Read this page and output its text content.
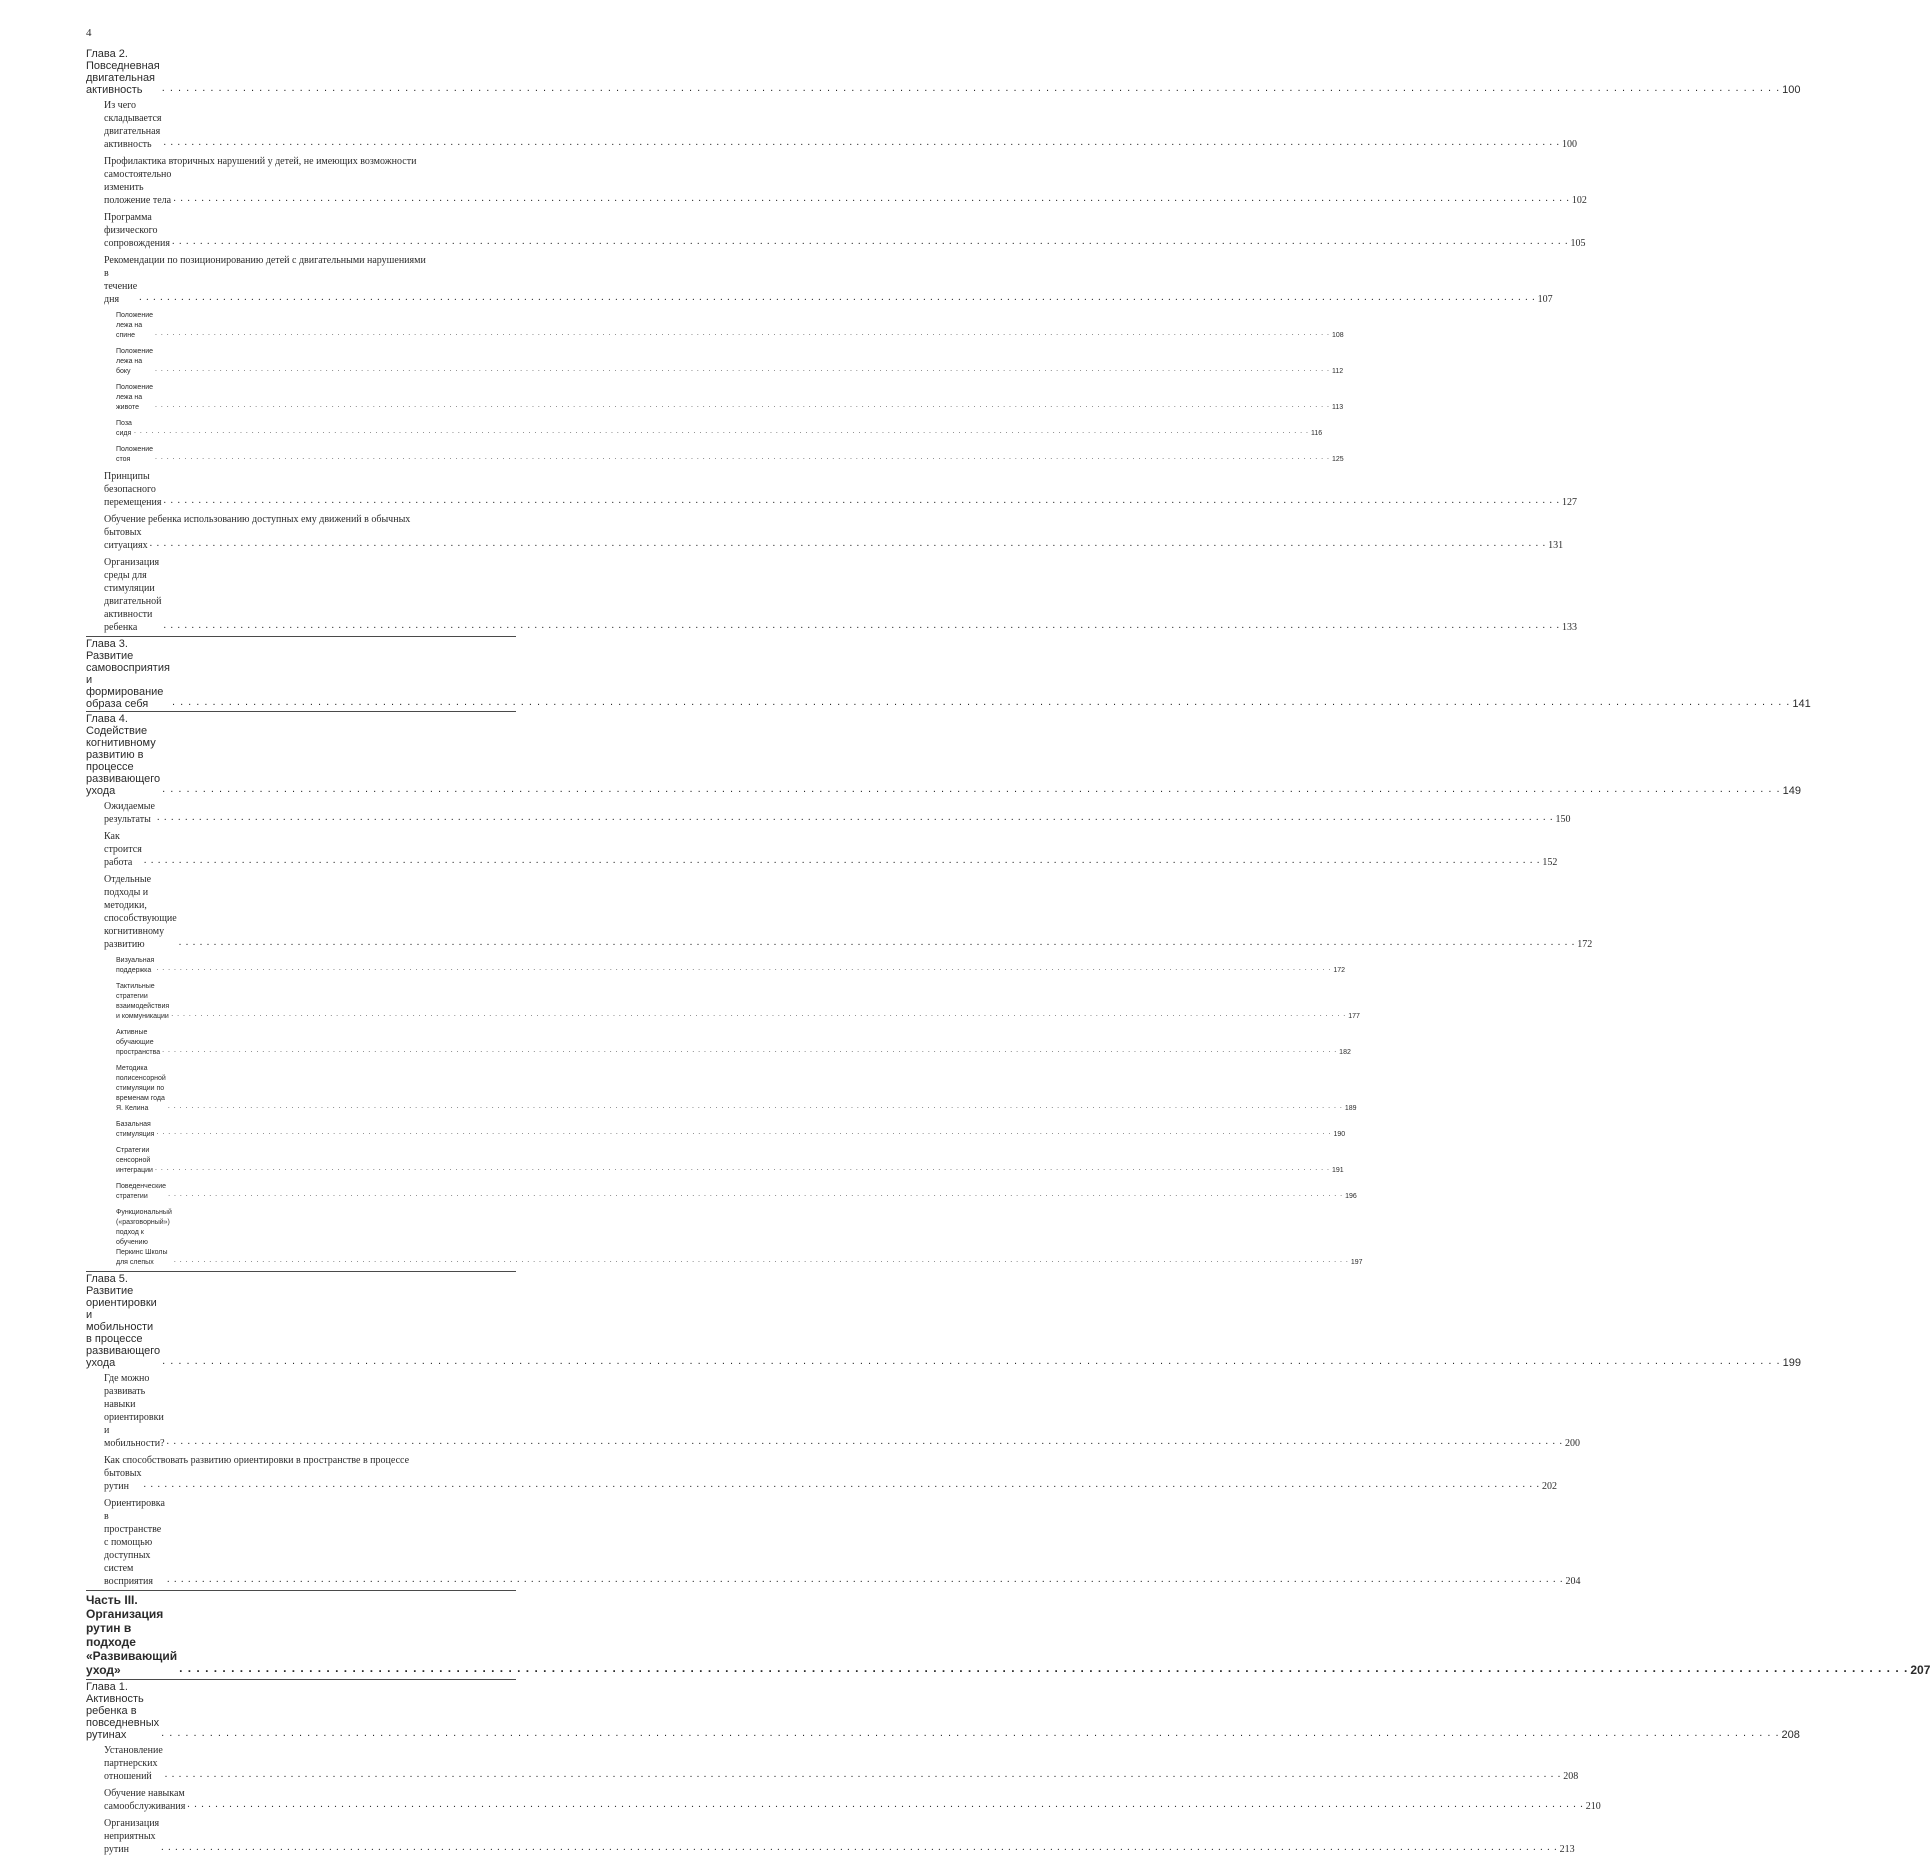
4
Глава 2. Повседневная двигательная активность	. . . . . . . . . . . . . . . . . . . . . . . . . . . . . . . . . . . . . . . . . . . . . . . . . . . . . . . . . . . . . . . . . . . . . . . . . . . . . . . . . . . . . . . . . . . . . . . . . . . . . . . . . . . . . . . . . . . . . . . . . . . . . . . . . . . . . . . . . . . . . . . . . . . . . . . . . . . . . . . . . . . . . . . . . . . . . . . . . . . . . . . . . . . . . . . . . . . . . . . . 100
Из чего складывается двигательная активность	. . . . . . . . . . . . . . . . . . . . . . . . . . . . . . . . . . . . . . . . . . . . . . . . . . . . . . . . . . . . . . . . . . . . . . . . . . . . . . . . . . . . . . . . . . . . . . . . . . . . . . . . . . . . . . . . . . . . . . . . . . . . . . . . . . . . . . . . . . . . . . . . . . . . . . . . . . . . . . . . . . . . . . . . . . . . . . . . . . . . . . . . . . . . . . . . . . . . . . . . 100
Профилактика вторичных нарушений у детей, не имеющих возможности
самостоятельно изменить положение тела . . . . . . . . . . . . . . . . . . . . . . . . . . . . . . . . . . . . . . . . . . . . . . . . . . . . . . . . . . . . . . . . . . . . . . . . . . . . . . . . . . . . . . . . . . . . . . . . . . . . . . . . . . . . . . . . . . . . . . . . . . . . . . . . . . . . . . . . . . . . . . . . . . . . . . . . . . . . . . . . . . . . . . . . . . . . . . . . . . . . . . . . . . . . . . . . . . . . . . . . 102
Программа физического сопровождения . . . . . . . . . . . . . . . . . . . . . . . . . . . . . . . . . . . . . . . . . . . . . . . . . . . . . . . . . . . . . . . . . . . . . . . . . . . . . . . . . . . . . . . . . . . . . . . . . . . . . . . . . . . . . . . . . . . . . . . . . . . . . . . . . . . . . . . . . . . . . . . . . . . . . . . . . . . . . . . . . . . . . . . . . . . . . . . . . . . . . . . . . . . . . . . . . . . . . . . . 105
Рекомендации по позиционированию детей с двигательными нарушениями
в течение дня	. . . . . . . . . . . . . . . . . . . . . . . . . . . . . . . . . . . . . . . . . . . . . . . . . . . . . . . . . . . . . . . . . . . . . . . . . . . . . . . . . . . . . . . . . . . . . . . . . . . . . . . . . . . . . . . . . . . . . . . . . . . . . . . . . . . . . . . . . . . . . . . . . . . . . . . . . . . . . . . . . . . . . . . . . . . . . . . . . . . . . . . . . . . . . . . . . . . . . . . . 107
Положение лежа на спине	. . . . . . . . . . . . . . . . . . . . . . . . . . . . . . . . . . . . . . . . . . . . . . . . . . . . . . . . . . . . . . . . . . . . . . . . . . . . . . . . . . . . . . . . . . . . . . . . . . . . . . . . . . . . . . . . . . . . . . . . . . . . . . . . . . . . . . . . . . . . . . . . . . . . . . . . . . . . . . . . . . . . . . . . . . . . . . . . . . . . . . . . . . . . . . . . . . . . . . . . 108
Положение лежа на боку	. . . . . . . . . . . . . . . . . . . . . . . . . . . . . . . . . . . . . . . . . . . . . . . . . . . . . . . . . . . . . . . . . . . . . . . . . . . . . . . . . . . . . . . . . . . . . . . . . . . . . . . . . . . . . . . . . . . . . . . . . . . . . . . . . . . . . . . . . . . . . . . . . . . . . . . . . . . . . . . . . . . . . . . . . . . . . . . . . . . . . . . . . . . . . . . . . . . . . . . . 112
Положение лежа на животе	. . . . . . . . . . . . . . . . . . . . . . . . . . . . . . . . . . . . . . . . . . . . . . . . . . . . . . . . . . . . . . . . . . . . . . . . . . . . . . . . . . . . . . . . . . . . . . . . . . . . . . . . . . . . . . . . . . . . . . . . . . . . . . . . . . . . . . . . . . . . . . . . . . . . . . . . . . . . . . . . . . . . . . . . . . . . . . . . . . . . . . . . . . . . . . . . . . . . . . . . 113
Поза сидя . . . . . . . . . . . . . . . . . . . . . . . . . . . . . . . . . . . . . . . . . . . . . . . . . . . . . . . . . . . . . . . . . . . . . . . . . . . . . . . . . . . . . . . . . . . . . . . . . . . . . . . . . . . . . . . . . . . . . . . . . . . . . . . . . . . . . . . . . . . . . . . . . . . . . . . . . . . . . . . . . . . . . . . . . . . . . . . . . . . . . . . . . . . . . . . . . . . . . . . . 116
Положение стоя	. . . . . . . . . . . . . . . . . . . . . . . . . . . . . . . . . . . . . . . . . . . . . . . . . . . . . . . . . . . . . . . . . . . . . . . . . . . . . . . . . . . . . . . . . . . . . . . . . . . . . . . . . . . . . . . . . . . . . . . . . . . . . . . . . . . . . . . . . . . . . . . . . . . . . . . . . . . . . . . . . . . . . . . . . . . . . . . . . . . . . . . . . . . . . . . . . . . . . . . . 125
Принципы безопасного перемещения . . . . . . . . . . . . . . . . . . . . . . . . . . . . . . . . . . . . . . . . . . . . . . . . . . . . . . . . . . . . . . . . . . . . . . . . . . . . . . . . . . . . . . . . . . . . . . . . . . . . . . . . . . . . . . . . . . . . . . . . . . . . . . . . . . . . . . . . . . . . . . . . . . . . . . . . . . . . . . . . . . . . . . . . . . . . . . . . . . . . . . . . . . . . . . . . . . . . . . . . 127
Обучение ребенка использованию доступных ему движений в обычных
бытовых ситуациях . . . . . . . . . . . . . . . . . . . . . . . . . . . . . . . . . . . . . . . . . . . . . . . . . . . . . . . . . . . . . . . . . . . . . . . . . . . . . . . . . . . . . . . . . . . . . . . . . . . . . . . . . . . . . . . . . . . . . . . . . . . . . . . . . . . . . . . . . . . . . . . . . . . . . . . . . . . . . . . . . . . . . . . . . . . . . . . . . . . . . . . . . . . . . . . . . . . . . . . . 131
Организация среды для стимуляции двигательной активности ребенка	. . . . . . . . . . . . . . . . . . . . . . . . . . . . . . . . . . . . . . . . . . . . . . . . . . . . . . . . . . . . . . . . . . . . . . . . . . . . . . . . . . . . . . . . . . . . . . . . . . . . . . . . . . . . . . . . . . . . . . . . . . . . . . . . . . . . . . . . . . . . . . . . . . . . . . . . . . . . . . . . . . . . . . . . . . . . . . . . . . . . . . . . . . . . . . . . . . . . . . . . 133
Глава 3. Развитие самовосприятия и формирование образа себя	. . . . . . . . . . . . . . . . . . . . . . . . . . . . . . . . . . . . . . . . . . . . . . . . . . . . . . . . . . . . . . . . . . . . . . . . . . . . . . . . . . . . . . . . . . . . . . . . . . . . . . . . . . . . . . . . . . . . . . . . . . . . . . . . . . . . . . . . . . . . . . . . . . . . . . . . . . . . . . . . . . . . . . . . . . . . . . . . . . . . . . . . . . . . . . . . . . . . . . . . 141
Глава 4. Содействие когнитивному развитию в процессе развивающего ухода	. . . . . . . . . . . . . . . . . . . . . . . . . . . . . . . . . . . . . . . . . . . . . . . . . . . . . . . . . . . . . . . . . . . . . . . . . . . . . . . . . . . . . . . . . . . . . . . . . . . . . . . . . . . . . . . . . . . . . . . . . . . . . . . . . . . . . . . . . . . . . . . . . . . . . . . . . . . . . . . . . . . . . . . . . . . . . . . . . . . . . . . . . . . . . . . . . . . . . . . . 149
Ожидаемые результаты . . . . . . . . . . . . . . . . . . . . . . . . . . . . . . . . . . . . . . . . . . . . . . . . . . . . . . . . . . . . . . . . . . . . . . . . . . . . . . . . . . . . . . . . . . . . . . . . . . . . . . . . . . . . . . . . . . . . . . . . . . . . . . . . . . . . . . . . . . . . . . . . . . . . . . . . . . . . . . . . . . . . . . . . . . . . . . . . . . . . . . . . . . . . . . . . . . . . . . . . 150
Как строится работа	. . . . . . . . . . . . . . . . . . . . . . . . . . . . . . . . . . . . . . . . . . . . . . . . . . . . . . . . . . . . . . . . . . . . . . . . . . . . . . . . . . . . . . . . . . . . . . . . . . . . . . . . . . . . . . . . . . . . . . . . . . . . . . . . . . . . . . . . . . . . . . . . . . . . . . . . . . . . . . . . . . . . . . . . . . . . . . . . . . . . . . . . . . . . . . . . . . . . . . . . 152
Отдельные подходы и методики, способствующие когнитивному развитию	. . . . . . . . . . . . . . . . . . . . . . . . . . . . . . . . . . . . . . . . . . . . . . . . . . . . . . . . . . . . . . . . . . . . . . . . . . . . . . . . . . . . . . . . . . . . . . . . . . . . . . . . . . . . . . . . . . . . . . . . . . . . . . . . . . . . . . . . . . . . . . . . . . . . . . . . . . . . . . . . . . . . . . . . . . . . . . . . . . . . . . . . . . . . . . . . . . . . . . . . 172
Визуальная поддержка . . . . . . . . . . . . . . . . . . . . . . . . . . . . . . . . . . . . . . . . . . . . . . . . . . . . . . . . . . . . . . . . . . . . . . . . . . . . . . . . . . . . . . . . . . . . . . . . . . . . . . . . . . . . . . . . . . . . . . . . . . . . . . . . . . . . . . . . . . . . . . . . . . . . . . . . . . . . . . . . . . . . . . . . . . . . . . . . . . . . . . . . . . . . . . . . . . . . . . . . 172
Тактильные стратегии взаимодействия и коммуникации . . . . . . . . . . . . . . . . . . . . . . . . . . . . . . . . . . . . . . . . . . . . . . . . . . . . . . . . . . . . . . . . . . . . . . . . . . . . . . . . . . . . . . . . . . . . . . . . . . . . . . . . . . . . . . . . . . . . . . . . . . . . . . . . . . . . . . . . . . . . . . . . . . . . . . . . . . . . . . . . . . . . . . . . . . . . . . . . . . . . . . . . . . . . . . . . . . . . . . . . 177
Активные обучающие пространства . . . . . . . . . . . . . . . . . . . . . . . . . . . . . . . . . . . . . . . . . . . . . . . . . . . . . . . . . . . . . . . . . . . . . . . . . . . . . . . . . . . . . . . . . . . . . . . . . . . . . . . . . . . . . . . . . . . . . . . . . . . . . . . . . . . . . . . . . . . . . . . . . . . . . . . . . . . . . . . . . . . . . . . . . . . . . . . . . . . . . . . . . . . . . . . . . . . . . . . . 182
Методика полисенсорной стимуляции по временам года Я. Келина	. . . . . . . . . . . . . . . . . . . . . . . . . . . . . . . . . . . . . . . . . . . . . . . . . . . . . . . . . . . . . . . . . . . . . . . . . . . . . . . . . . . . . . . . . . . . . . . . . . . . . . . . . . . . . . . . . . . . . . . . . . . . . . . . . . . . . . . . . . . . . . . . . . . . . . . . . . . . . . . . . . . . . . . . . . . . . . . . . . . . . . . . . . . . . . . . . . . . . . . . 189
Базальная стимуляция . . . . . . . . . . . . . . . . . . . . . . . . . . . . . . . . . . . . . . . . . . . . . . . . . . . . . . . . . . . . . . . . . . . . . . . . . . . . . . . . . . . . . . . . . . . . . . . . . . . . . . . . . . . . . . . . . . . . . . . . . . . . . . . . . . . . . . . . . . . . . . . . . . . . . . . . . . . . . . . . . . . . . . . . . . . . . . . . . . . . . . . . . . . . . . . . . . . . . . . . 190
Стратегии сенсорной интеграции . . . . . . . . . . . . . . . . . . . . . . . . . . . . . . . . . . . . . . . . . . . . . . . . . . . . . . . . . . . . . . . . . . . . . . . . . . . . . . . . . . . . . . . . . . . . . . . . . . . . . . . . . . . . . . . . . . . . . . . . . . . . . . . . . . . . . . . . . . . . . . . . . . . . . . . . . . . . . . . . . . . . . . . . . . . . . . . . . . . . . . . . . . . . . . . . . . . . . . . . 191
Поведенческие стратегии	. . . . . . . . . . . . . . . . . . . . . . . . . . . . . . . . . . . . . . . . . . . . . . . . . . . . . . . . . . . . . . . . . . . . . . . . . . . . . . . . . . . . . . . . . . . . . . . . . . . . . . . . . . . . . . . . . . . . . . . . . . . . . . . . . . . . . . . . . . . . . . . . . . . . . . . . . . . . . . . . . . . . . . . . . . . . . . . . . . . . . . . . . . . . . . . . . . . . . . . . 196
Функциональный («разговорный») подход к обучению Перкинс Школы для слепых	. . . . . . . . . . . . . . . . . . . . . . . . . . . . . . . . . . . . . . . . . . . . . . . . . . . . . . . . . . . . . . . . . . . . . . . . . . . . . . . . . . . . . . . . . . . . . . . . . . . . . . . . . . . . . . . . . . . . . . . . . . . . . . . . . . . . . . . . . . . . . . . . . . . . . . . . . . . . . . . . . . . . . . . . . . . . . . . . . . . . . . . . . . . . . . . . . . . . . . . . 197
Глава 5. Развитие ориентировки и мобильности в процессе развивающего ухода	. . . . . . . . . . . . . . . . . . . . . . . . . . . . . . . . . . . . . . . . . . . . . . . . . . . . . . . . . . . . . . . . . . . . . . . . . . . . . . . . . . . . . . . . . . . . . . . . . . . . . . . . . . . . . . . . . . . . . . . . . . . . . . . . . . . . . . . . . . . . . . . . . . . . . . . . . . . . . . . . . . . . . . . . . . . . . . . . . . . . . . . . . . . . . . . . . . . . . . . . 199
Где можно развивать навыки ориентировки и мобильности? . . . . . . . . . . . . . . . . . . . . . . . . . . . . . . . . . . . . . . . . . . . . . . . . . . . . . . . . . . . . . . . . . . . . . . . . . . . . . . . . . . . . . . . . . . . . . . . . . . . . . . . . . . . . . . . . . . . . . . . . . . . . . . . . . . . . . . . . . . . . . . . . . . . . . . . . . . . . . . . . . . . . . . . . . . . . . . . . . . . . . . . . . . . . . . . . . . . . . . . . 200
Как способствовать развитию ориентировки в пространстве в процессе
бытовых рутин	. . . . . . . . . . . . . . . . . . . . . . . . . . . . . . . . . . . . . . . . . . . . . . . . . . . . . . . . . . . . . . . . . . . . . . . . . . . . . . . . . . . . . . . . . . . . . . . . . . . . . . . . . . . . . . . . . . . . . . . . . . . . . . . . . . . . . . . . . . . . . . . . . . . . . . . . . . . . . . . . . . . . . . . . . . . . . . . . . . . . . . . . . . . . . . . . . . . . . . . . 202
Ориентировка в пространстве с помощью доступных систем восприятия	. . . . . . . . . . . . . . . . . . . . . . . . . . . . . . . . . . . . . . . . . . . . . . . . . . . . . . . . . . . . . . . . . . . . . . . . . . . . . . . . . . . . . . . . . . . . . . . . . . . . . . . . . . . . . . . . . . . . . . . . . . . . . . . . . . . . . . . . . . . . . . . . . . . . . . . . . . . . . . . . . . . . . . . . . . . . . . . . . . . . . . . . . . . . . . . . . . . . . . . . 204
Часть III. Организация рутин в подходе «Развивающий уход»	. . . . . . . . . . . . . . . . . . . . . . . . . . . . . . . . . . . . . . . . . . . . . . . . . . . . . . . . . . . . . . . . . . . . . . . . . . . . . . . . . . . . . . . . . . . . . . . . . . . . . . . . . . . . . . . . . . . . . . . . . . . . . . . . . . . . . . . . . . . . . . . . . . . . . . . . . . . . . . . . . . . . . . . . . . . . . . . . . . . . . . . . . . . . . . . . . . . . . . . . 207
Глава 1. Активность ребенка в повседневных рутинах	. . . . . . . . . . . . . . . . . . . . . . . . . . . . . . . . . . . . . . . . . . . . . . . . . . . . . . . . . . . . . . . . . . . . . . . . . . . . . . . . . . . . . . . . . . . . . . . . . . . . . . . . . . . . . . . . . . . . . . . . . . . . . . . . . . . . . . . . . . . . . . . . . . . . . . . . . . . . . . . . . . . . . . . . . . . . . . . . . . . . . . . . . . . . . . . . . . . . . . . . 208
Установление партнерских отношений	. . . . . . . . . . . . . . . . . . . . . . . . . . . . . . . . . . . . . . . . . . . . . . . . . . . . . . . . . . . . . . . . . . . . . . . . . . . . . . . . . . . . . . . . . . . . . . . . . . . . . . . . . . . . . . . . . . . . . . . . . . . . . . . . . . . . . . . . . . . . . . . . . . . . . . . . . . . . . . . . . . . . . . . . . . . . . . . . . . . . . . . . . . . . . . . . . . . . . . . . 208
Обучение навыкам самообслуживания . . . . . . . . . . . . . . . . . . . . . . . . . . . . . . . . . . . . . . . . . . . . . . . . . . . . . . . . . . . . . . . . . . . . . . . . . . . . . . . . . . . . . . . . . . . . . . . . . . . . . . . . . . . . . . . . . . . . . . . . . . . . . . . . . . . . . . . . . . . . . . . . . . . . . . . . . . . . . . . . . . . . . . . . . . . . . . . . . . . . . . . . . . . . . . . . . . . . . . . . 210
Организация неприятных рутин	. . . . . . . . . . . . . . . . . . . . . . . . . . . . . . . . . . . . . . . . . . . . . . . . . . . . . . . . . . . . . . . . . . . . . . . . . . . . . . . . . . . . . . . . . . . . . . . . . . . . . . . . . . . . . . . . . . . . . . . . . . . . . . . . . . . . . . . . . . . . . . . . . . . . . . . . . . . . . . . . . . . . . . . . . . . . . . . . . . . . . . . . . . . . . . . . . . . . . . . . 213
